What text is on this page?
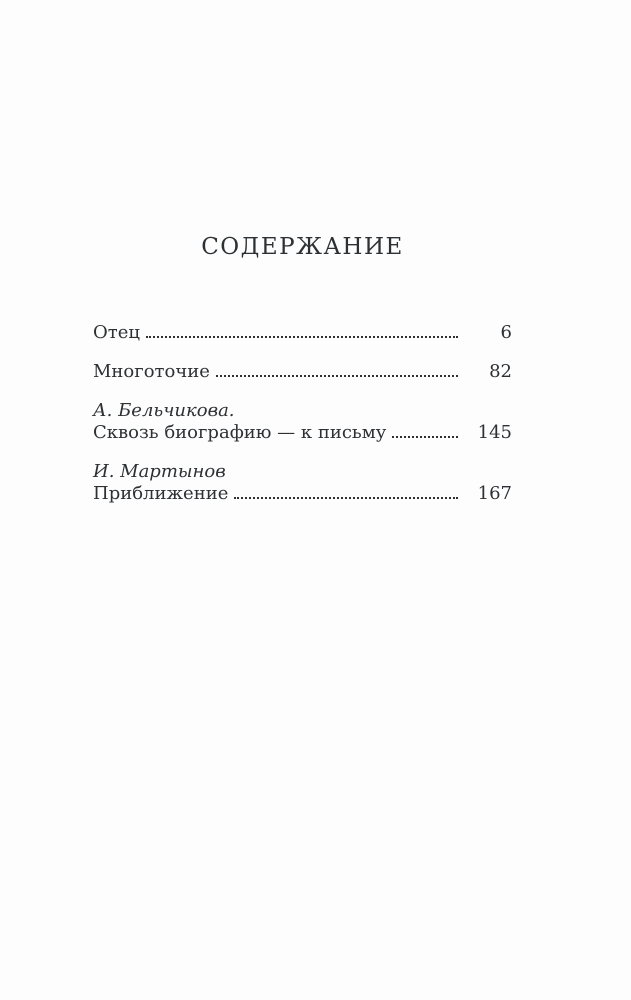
СОДЕРЖАНИЕ
Отец	6
Многоточие	82
А. Бельчикова.
Сквозь биографию — к письму	145
И. Мартынов
Приближение	167
